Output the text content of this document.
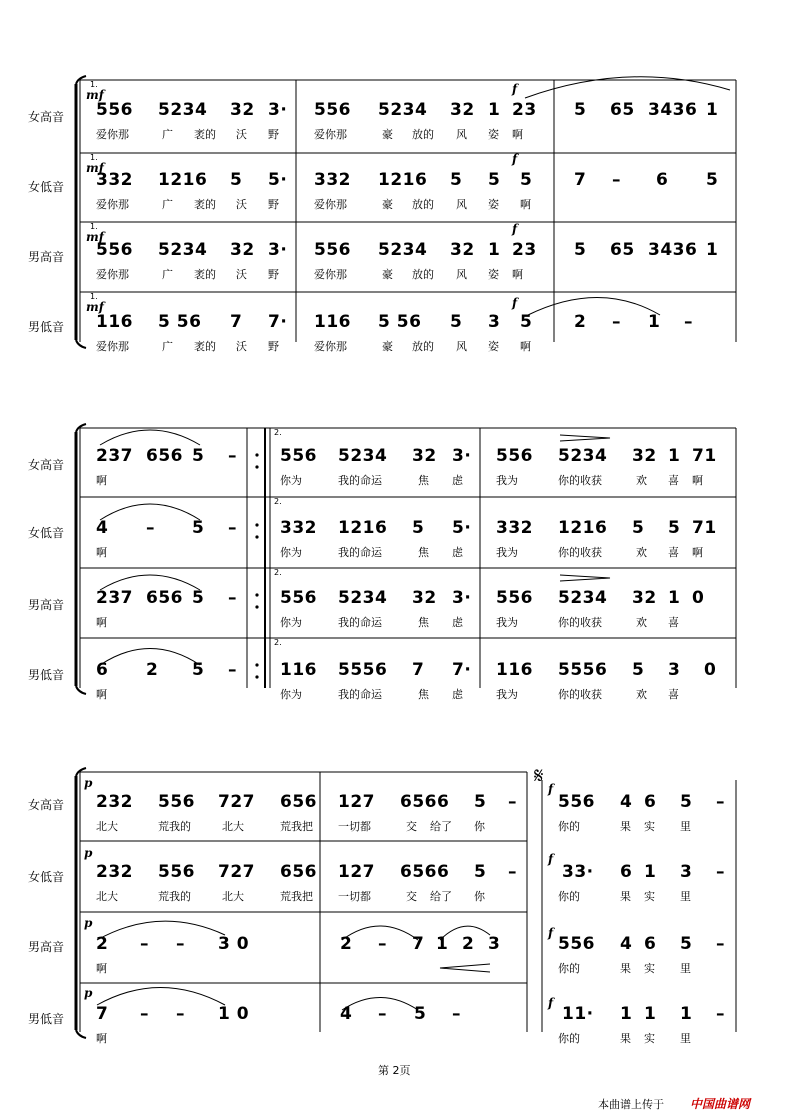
女高音
女低音
男高音
男低音
女高音
女低音
男高音
男低音
女高音
女低音
男高音
男低音
1.
mf
1.
mf
1.
mf
1.
mf
f
f
f
f
556 5234 32 3· 556 5234 32 1 23 5 65 3436 1
爱你那	广 袤的 沃 野	爱你那	豪 放的 风 姿 啊
332 1216 5 5· 332 1216 5 5 5 7 – 6 5
爱你那	广 袤的 沃 野	爱你那	豪 放的 风 姿 啊
556 5234 32 3· 556 5234 32 1 23 5 65 3436 1
爱你那	广 袤的 沃 野	爱你那	豪 放的 风 姿 啊
116 5 56 7 7· 116 5 56 5 3 5 2 – 1 –
爱你那	广 袤的 沃 野	爱你那	豪 放的 风 姿 啊
2.
2.
2.
2.
237 656 5 –	556 5234 32 3· 556 5234 32 1 71
啊	你为	我的命运	焦 虑	我为	你的收获	欢 喜 啊
4 – 5 –	332 1216 5 5· 332 1216 5 5 71
啊	你为	我的命运	焦 虑	我为	你的收获	欢 喜 啊
237 656 5 –	556 5234 32 3· 556 5234 32 1 0
啊	你为	我的命运	焦 虑	我为	你的收获	欢 喜
6 2 5 –	116 5556 7 7· 116 5556 5 3 0
啊	你为	我的命运	焦 虑	我为	你的收获	欢 喜
p
p
p
p
𝄋 f
f
f
f
232 556 727 656 127 6566 5 – 556 4 6 5 –
北大	荒我的	北大	荒我把 一切都	交 给了 你	你的	果 实 里
232 556 727 656 127 6566 5 –	33· 6 1 3 –
北大	荒我的	北大	荒我把 一切都	交 给了 你	你的	果 实 里
2 – – 3 0	2 – 7 1 2 3	556 4 6 5 –
啊	你的	果 实 里
7 – – 1 0	4 – 5 –	11· 1 1 1 –
啊	你的	果 实 里
第 2页
本曲谱上传于 中国曲谱网
